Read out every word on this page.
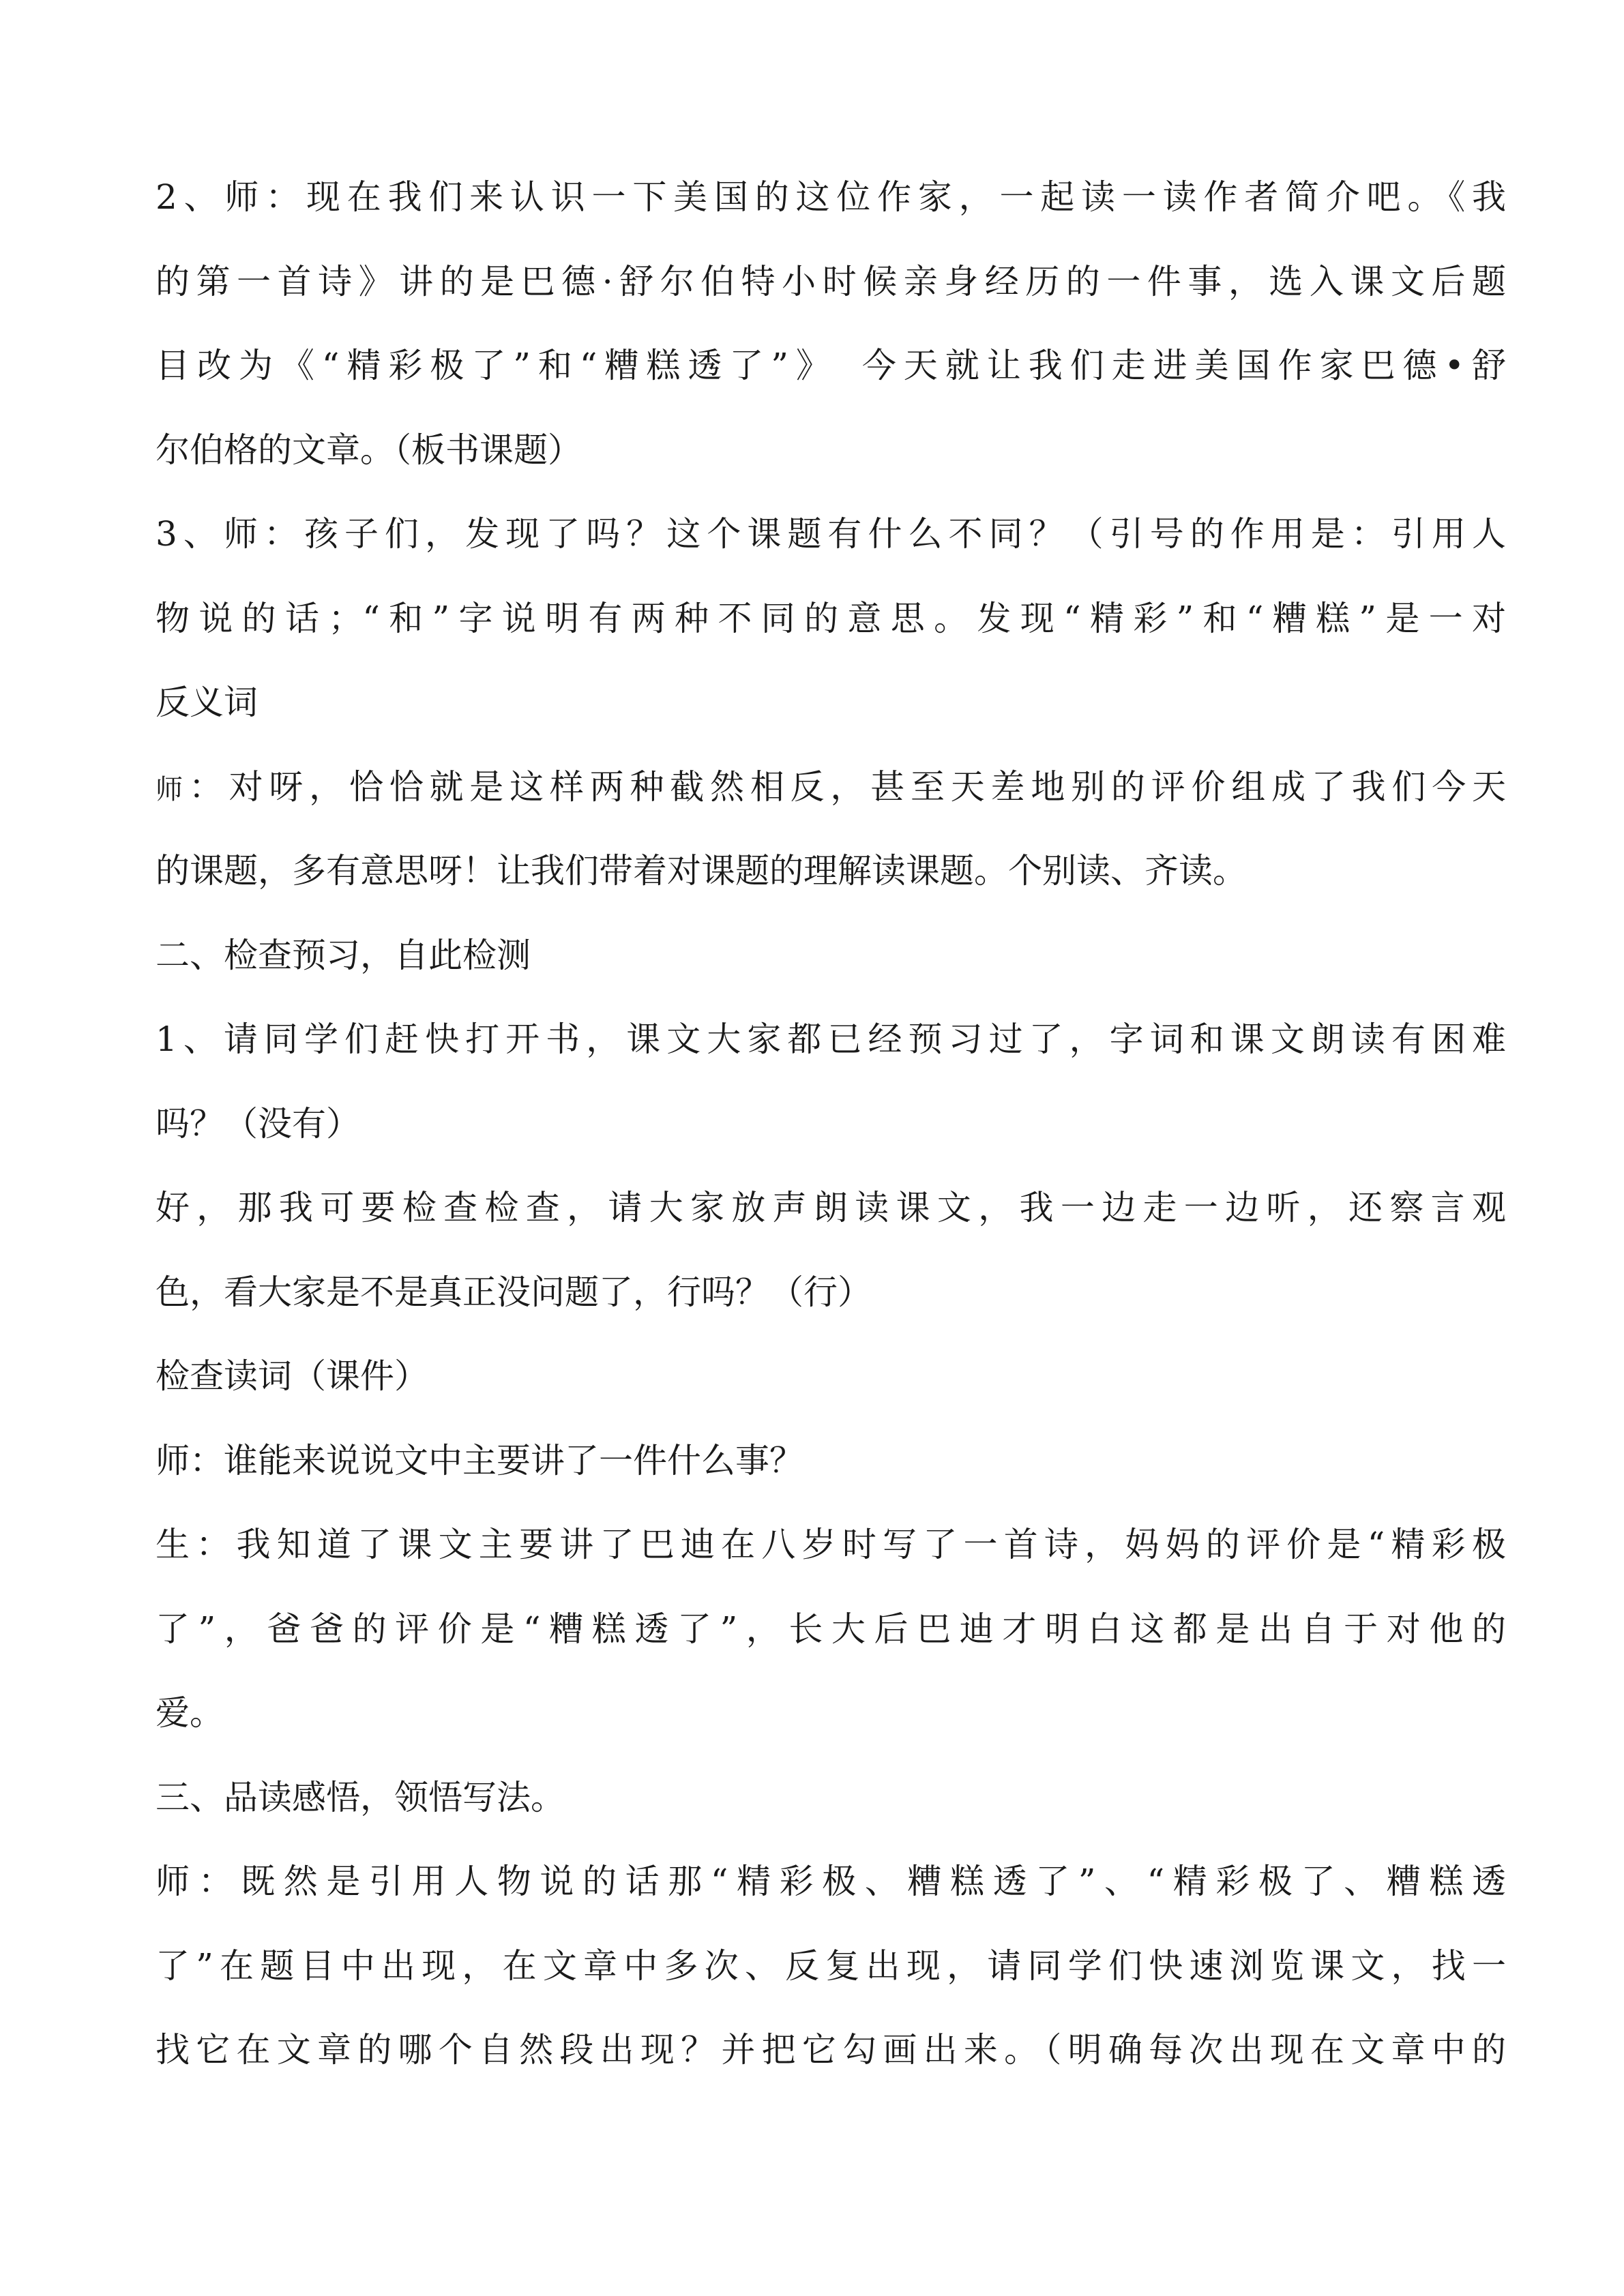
2、师：现在我们来认识一下美国的这位作家，一起读一读作者简介吧。《我
的第一首诗》讲的是巴德·舒尔伯特小时候亲身经历的一件事，选入课文后题
目改为《“精彩极了”和“糟糕透了”》　今天就让我们走进美国作家巴德•舒
尔伯格的文章。（板书课题）
3、师：孩子们，发现了吗？这个课题有什么不同？（引号的作用是：引用人
物说的话；“和”字说明有两种不同的意思。发现“精彩”和“糟糕”是一对
反义词
师：对呀，恰恰就是这样两种截然相反，甚至天差地别的评价组成了我们今天
的课题，多有意思呀！让我们带着对课题的理解读课题。个别读、齐读。
二、检查预习，自此检测
1、请同学们赶快打开书，课文大家都已经预习过了，字词和课文朗读有困难
吗？（没有）
好，那我可要检查检查，请大家放声朗读课文，我一边走一边听，还察言观
色，看大家是不是真正没问题了，行吗？（行）
检查读词（课件）
师：谁能来说说文中主要讲了一件什么事？
生：我知道了课文主要讲了巴迪在八岁时写了一首诗，妈妈的评价是“精彩极
了”，爸爸的评价是“糟糕透了”，长大后巴迪才明白这都是出自于对他的
爱。
三、品读感悟，领悟写法。
师：既然是引用人物说的话那“精彩极、糟糕透了”、“精彩极了、糟糕透
了”在题目中出现，在文章中多次、反复出现，请同学们快速浏览课文，找一
找它在文章的哪个自然段出现？并把它勾画出来。（明确每次出现在文章中的
